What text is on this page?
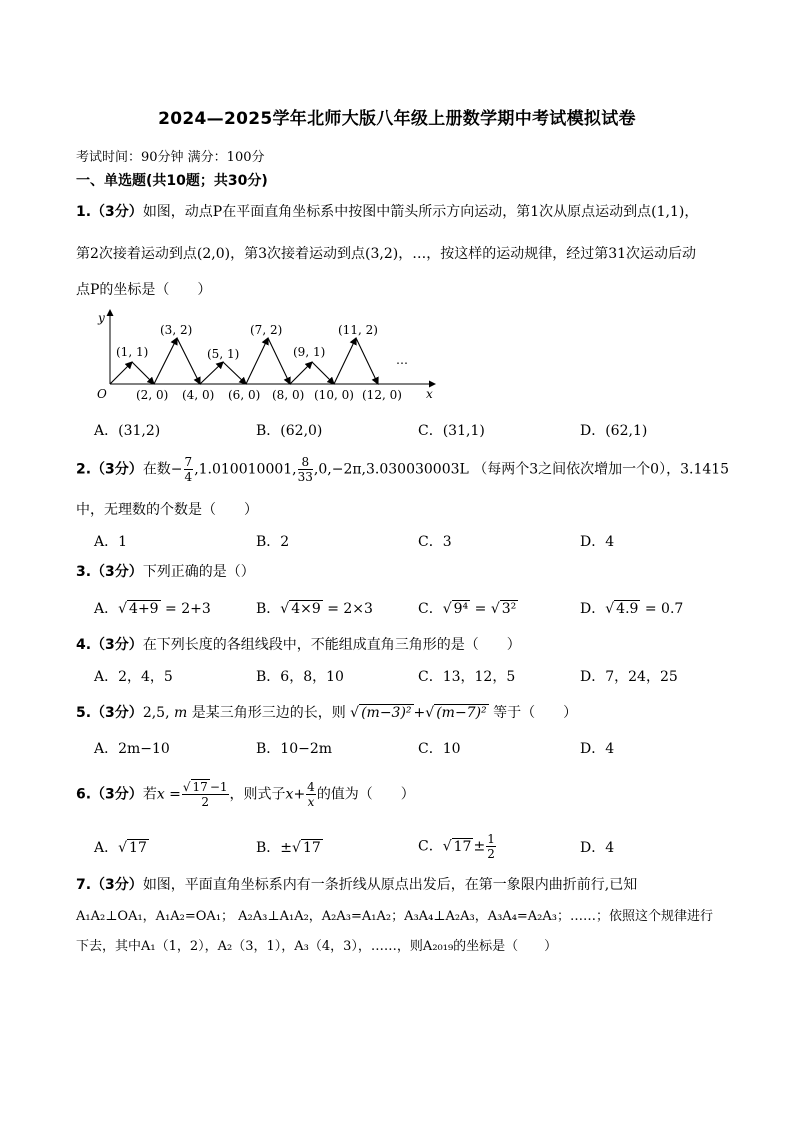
2024—2025学年北师大版八年级上册数学期中考试模拟试卷
考试时间：90分钟 满分：100分
一、单选题(共10题；共30分)
1.（3分）如图，动点P在平面直角坐标系中按图中箭头所示方向运动，第1次从原点运动到点(1,1)，
第2次接着运动到点(2,0)，第3次接着运动到点(3,2)，…，按这样的运动规律，经过第31次运动后动
点P的坐标是（　　）
y
x
O
(1, 1)
(3, 2)
(5, 1)
(7, 2)
(9, 1)
(11, 2)
…
(2, 0) (4, 0) (6, 0) (8, 0) (10, 0) (12, 0)
A．(31,2)	B．(62,0)	C．(31,1)	D．(62,1)
2.（3分）在数− $\frac{7}{4} ,1.010010001$, $\frac{8}{33} ,0,-2\pi,3.030030003L$ （每两个3之间依次增加一个0），3.1415
中，无理数的个数是（　　）
A．1	B．2	C．3	D．4
3.（3分）下列正确的是（）
A．√ 4+9 = 2+3	B．√ 4×9 = 2×3	C．√ 9⁴ = √ 3²	D．√ 4.9 = 0.7
4.（3分）在下列长度的各组线段中，不能组成直角三角形的是（　　）
A．2，4，5	B．6，8，10	C．13，12，5	D．7，24，25
5.（3分）2,5, m 是某三角形三边的长，则 √ (m−3)² +√ (m−7)² 等于（　　）
A．2m−10	B．10−2m	C．10	D．4
6.（3分）若$x = \frac{√ 17 -1}{2}$ ，则式子$x+ \frac{4}{x}$ 的值为（　　）
A．√ 17	B．±√ 17	C．√ $17 \pm \frac{1}{2}$	D．4
7.（3分）如图，平面直角坐标系内有一条折线从原点出发后，在第一象限内曲折前行,已知
A₁A₂⊥OA₁，A₁A₂=OA₁； A₂A₃⊥A₁A₂，A₂A₃=A₁A₂；A₃A₄⊥A₂A₃，A₃A₄=A₂A₃；……；依照这个规律进行
下去，其中A₁（1，2），A₂（3，1），A₃（4，3），……，则A₂₀₁₉的坐标是（　　）
